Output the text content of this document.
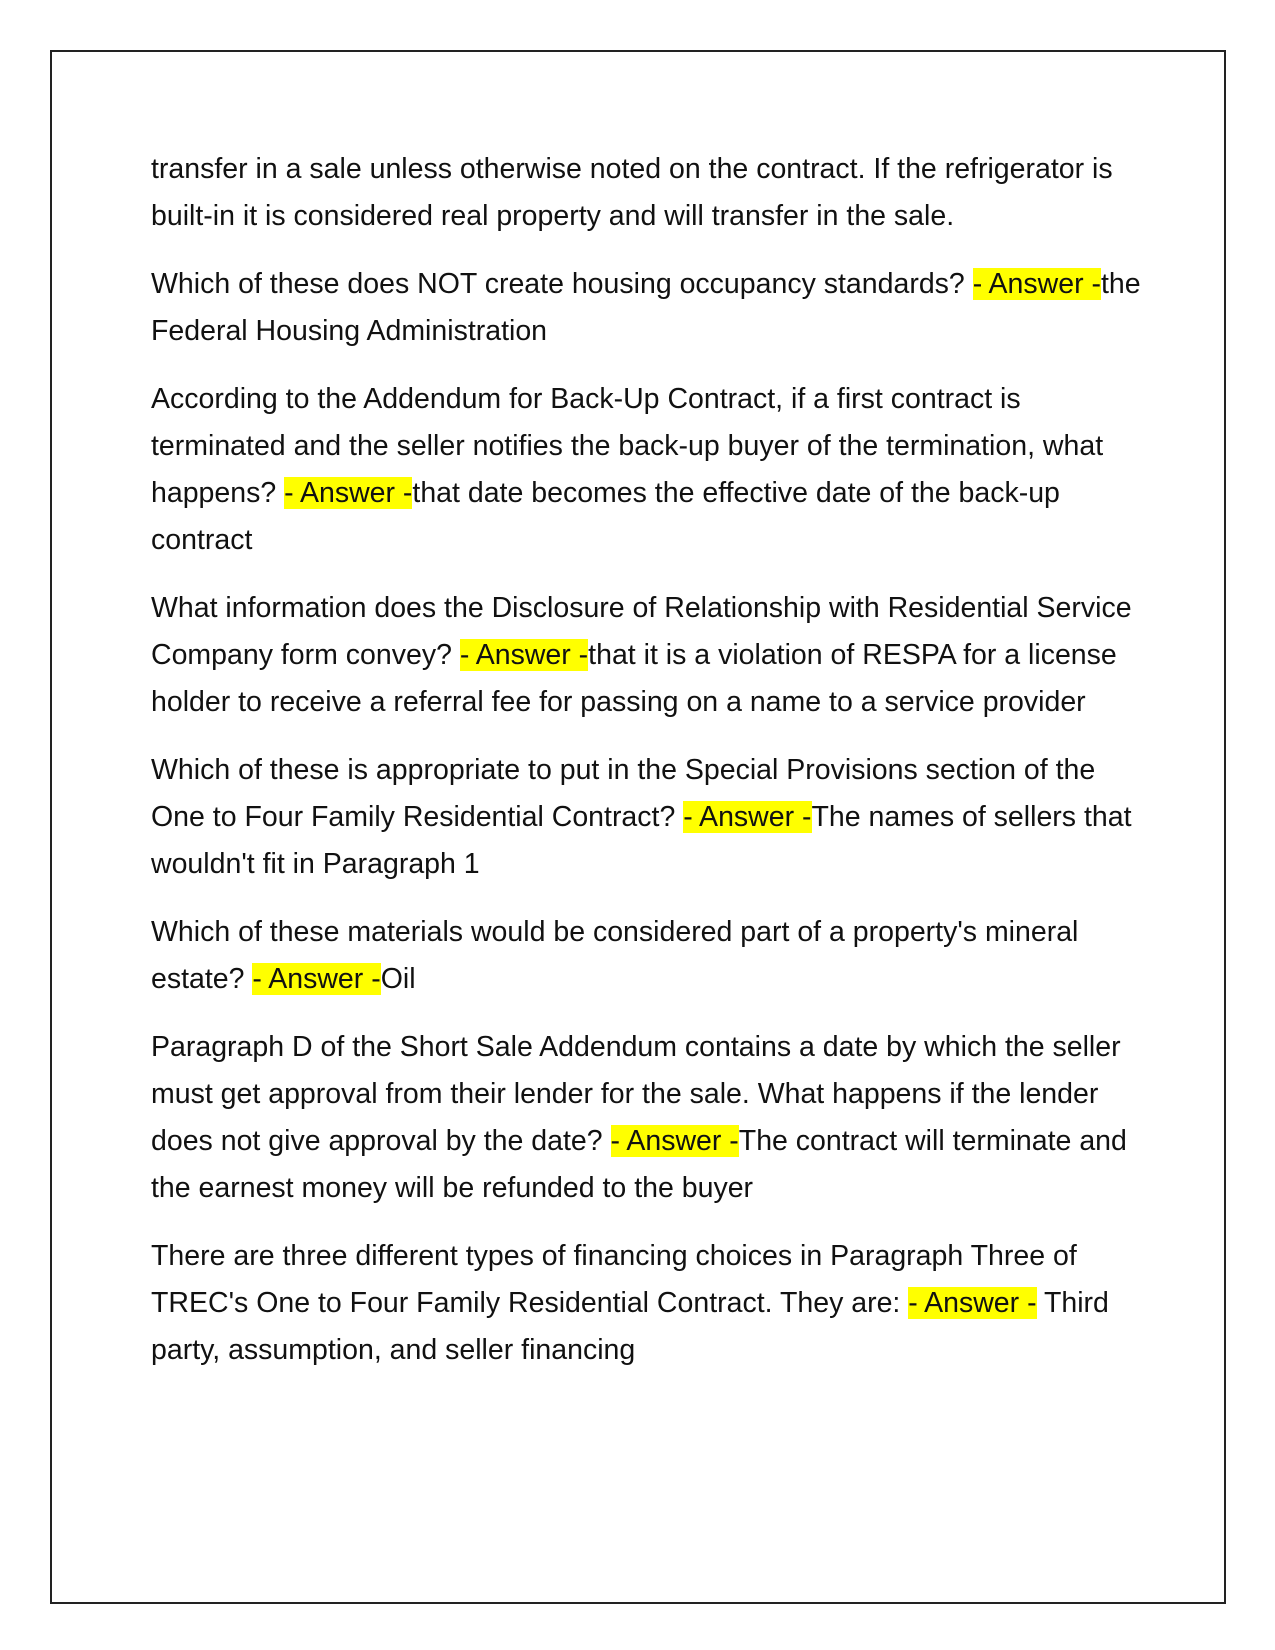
transfer in a sale unless otherwise noted on the contract. If the refrigerator is built-in it is considered real property and will transfer in the sale.

Which of these does NOT create housing occupancy standards? - Answer -the Federal Housing Administration

According to the Addendum for Back-Up Contract, if a first contract is terminated and the seller notifies the back-up buyer of the termination, what happens? - Answer -that date becomes the effective date of the back-up contract

What information does the Disclosure of Relationship with Residential Service Company form convey? - Answer -that it is a violation of RESPA for a license holder to receive a referral fee for passing on a name to a service provider

Which of these is appropriate to put in the Special Provisions section of the One to Four Family Residential Contract? - Answer -The names of sellers that wouldn't fit in Paragraph 1

Which of these materials would be considered part of a property's mineral estate? - Answer -Oil

Paragraph D of the Short Sale Addendum contains a date by which the seller must get approval from their lender for the sale. What happens if the lender does not give approval by the date? - Answer -The contract will terminate and the earnest money will be refunded to the buyer

There are three different types of financing choices in Paragraph Three of TREC's One to Four Family Residential Contract. They are: - Answer - Third party, assumption, and seller financing
